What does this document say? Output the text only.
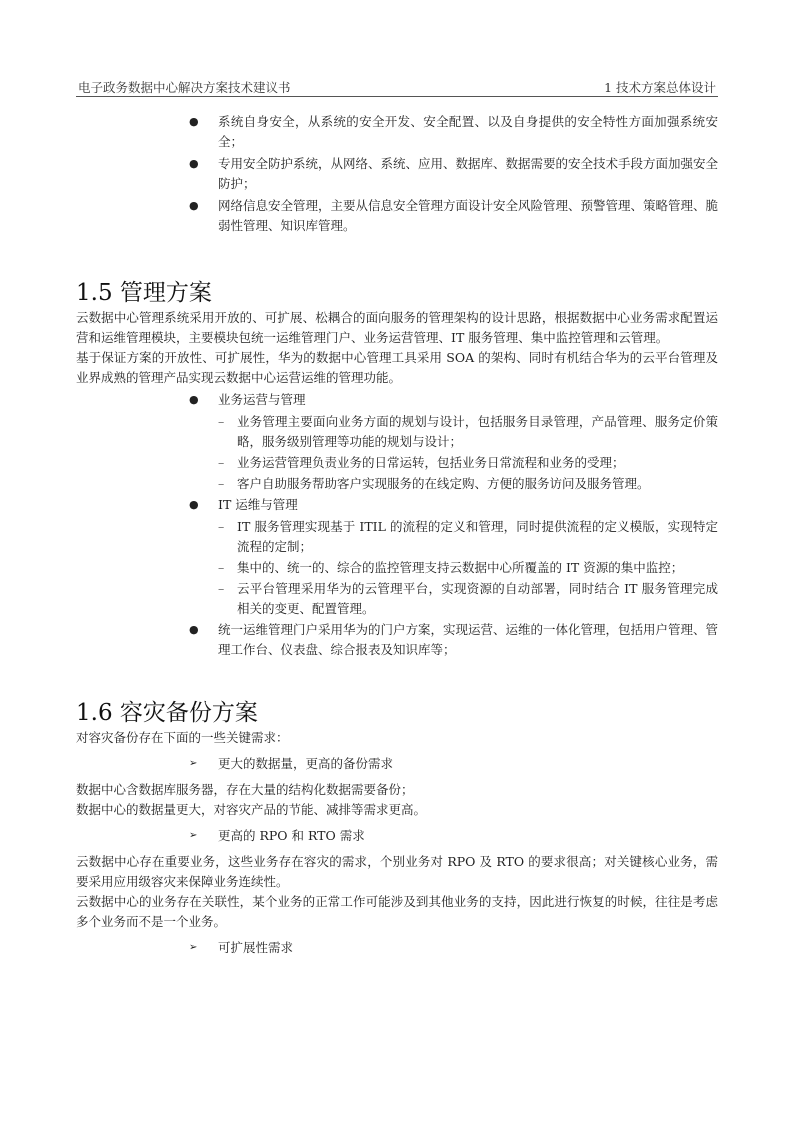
电子政务数据中心解决方案技术建议书	1 技术方案总体设计
● 系统自身安全，从系统的安全开发、安全配置、以及自身提供的安全特性方面加强系统安全；
● 专用安全防护系统，从网络、系统、应用、数据库、数据需要的安全技术手段方面加强安全防护；
● 网络信息安全管理，主要从信息安全管理方面设计安全风险管理、预警管理、策略管理、脆弱性管理、知识库管理。
1.5 管理方案

云数据中心管理系统采用开放的、可扩展、松耦合的面向服务的管理架构的设计思路，根据数据中心业务需求配置运营和运维管理模块，主要模块包统一运维管理门户、业务运营管理、IT 服务管理、集中监控管理和云管理。

基于保证方案的开放性、可扩展性，华为的数据中心管理工具采用 SOA 的架构、同时有机结合华为的云平台管理及业界成熟的管理产品实现云数据中心运营运维的管理功能。

● 业务运营与管理
– 业务管理主要面向业务方面的规划与设计，包括服务目录管理，产品管理、服务定价策略，服务级别管理等功能的规划与设计；
– 业务运营管理负责业务的日常运转，包括业务日常流程和业务的受理；
– 客户自助服务帮助客户实现服务的在线定购、方便的服务访问及服务管理。
● IT 运维与管理
– IT 服务管理实现基于 ITIL 的流程的定义和管理，同时提供流程的定义模版，实现特定流程的定制；
– 集中的、统一的、综合的监控管理支持云数据中心所覆盖的 IT 资源的集中监控；
– 云平台管理采用华为的云管理平台，实现资源的自动部署，同时结合 IT 服务管理完成相关的变更、配置管理。
● 统一运维管理门户采用华为的门户方案，实现运营、运维的一体化管理，包括用户管理、管理工作台、仪表盘、综合报表及知识库等；
1.6 容灾备份方案

对容灾备份存在下面的一些关键需求：

➢ 更大的数据量，更高的备份需求

数据中心含数据库服务器，存在大量的结构化数据需要备份；

数据中心的数据量更大，对容灾产品的节能、减排等需求更高。

➢ 更高的 RPO 和 RTO 需求

云数据中心存在重要业务，这些业务存在容灾的需求，个别业务对 RPO 及 RTO 的要求很高；对关键核心业务，需要采用应用级容灾来保障业务连续性。

云数据中心的业务存在关联性，某个业务的正常工作可能涉及到其他业务的支持，因此进行恢复的时候，往往是考虑多个业务而不是一个业务。

➢ 可扩展性需求
